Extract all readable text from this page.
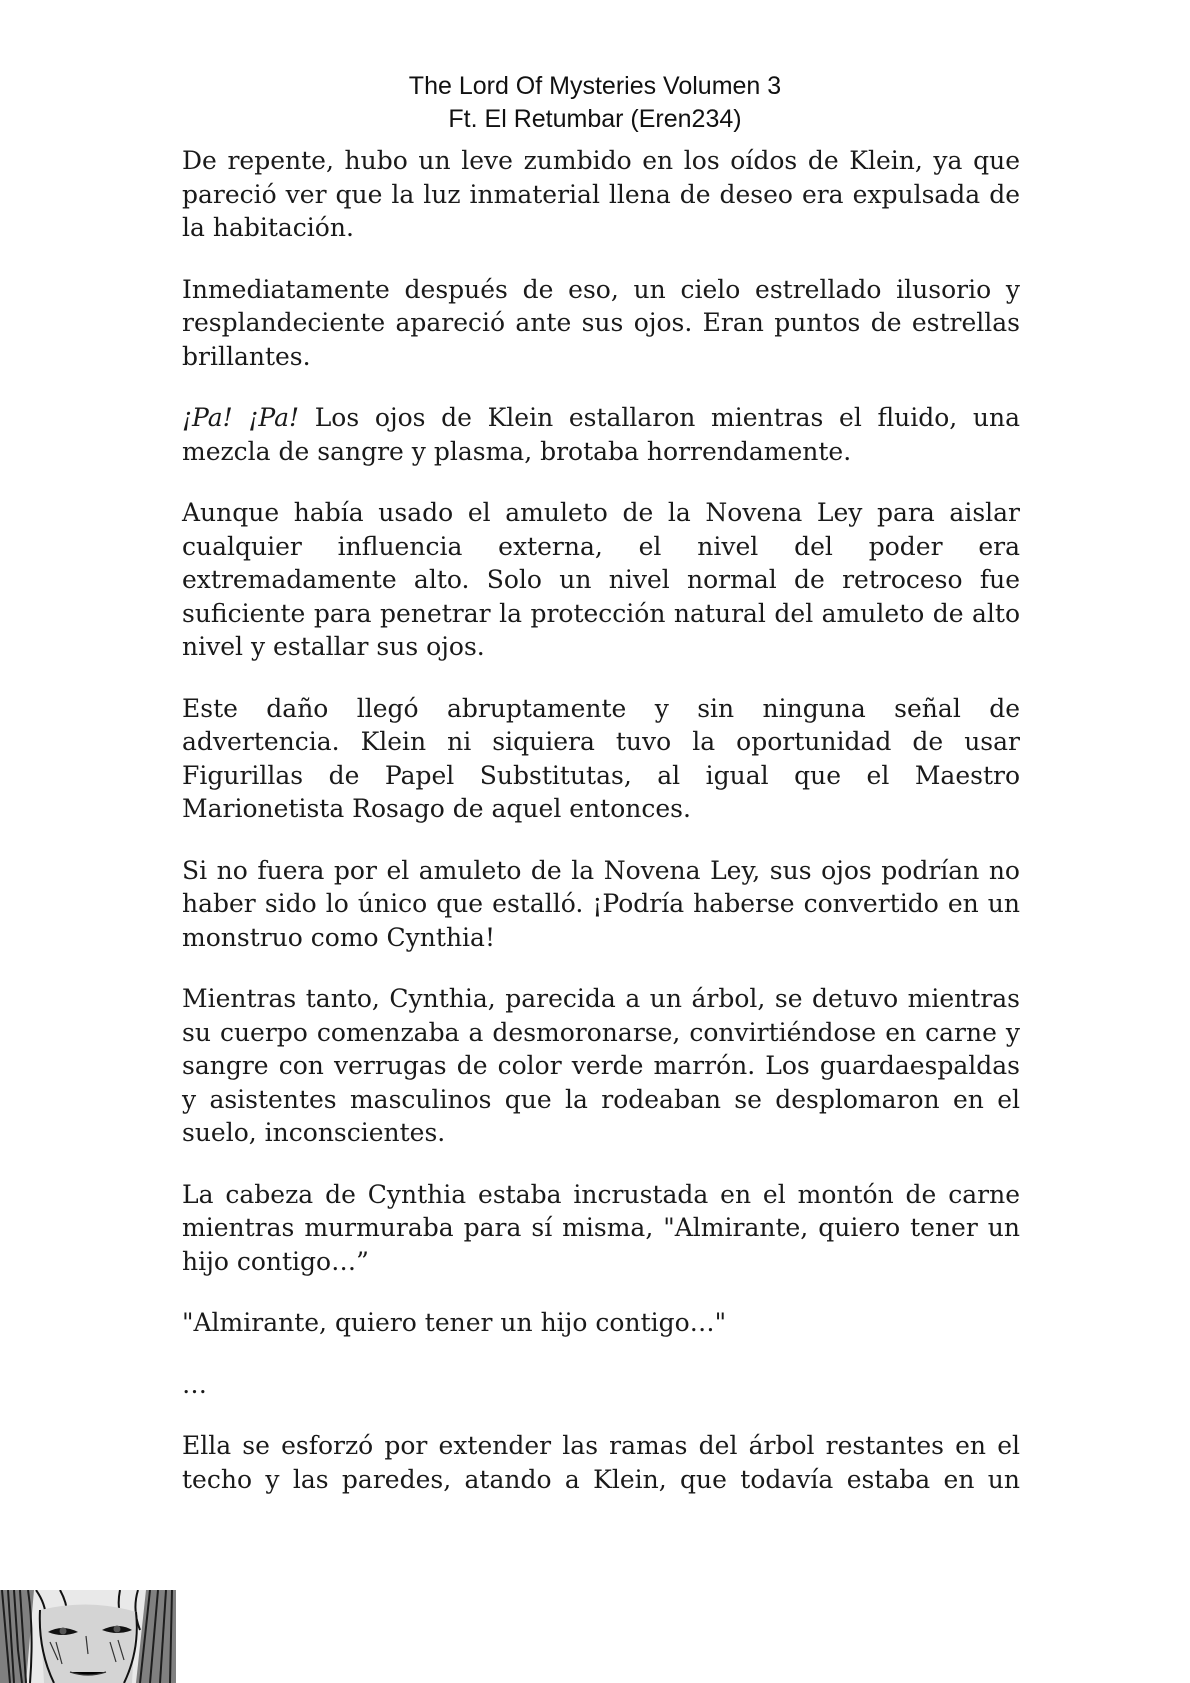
The Lord Of Mysteries Volumen 3
Ft. El Retumbar (Eren234)

De repente, hubo un leve zumbido en los oídos de Klein, ya que pareció ver que la luz inmaterial llena de deseo era expulsada de la habitación.

Inmediatamente después de eso, un cielo estrellado ilusorio y resplandeciente apareció ante sus ojos. Eran puntos de estrellas brillantes.

¡Pa! ¡Pa! Los ojos de Klein estallaron mientras el fluido, una mezcla de sangre y plasma, brotaba horrendamente.

Aunque había usado el amuleto de la Novena Ley para aislar cualquier influencia externa, el nivel del poder era extremadamente alto. Solo un nivel normal de retroceso fue suficiente para penetrar la protección natural del amuleto de alto nivel y estallar sus ojos.

Este daño llegó abruptamente y sin ninguna señal de advertencia. Klein ni siquiera tuvo la oportunidad de usar Figurillas de Papel Substitutas, al igual que el Maestro Marionetista Rosago de aquel entonces.

Si no fuera por el amuleto de la Novena Ley, sus ojos podrían no haber sido lo único que estalló. ¡Podría haberse convertido en un monstruo como Cynthia!

Mientras tanto, Cynthia, parecida a un árbol, se detuvo mientras su cuerpo comenzaba a desmoronarse, convirtiéndose en carne y sangre con verrugas de color verde marrón. Los guardaespaldas y asistentes masculinos que la rodeaban se desplomaron en el suelo, inconscientes.

La cabeza de Cynthia estaba incrustada en el montón de carne mientras murmuraba para sí misma, "Almirante, quiero tener un hijo contigo…”

"Almirante, quiero tener un hijo contigo…"

…

Ella se esforzó por extender las ramas del árbol restantes en el techo y las paredes, atando a Klein, que todavía estaba en un
